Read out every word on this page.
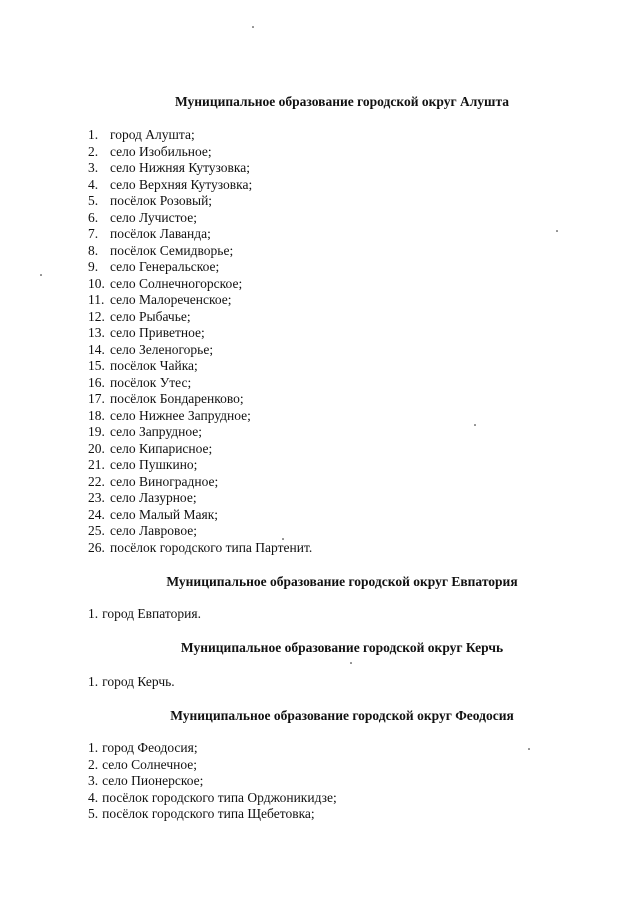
Муниципальное образование городской округ Алушта
1. город Алушта;
2. село Изобильное;
3. село Нижняя Кутузовка;
4. село Верхняя Кутузовка;
5. посёлок Розовый;
6. село Лучистое;
7. посёлок Лаванда;
8. посёлок Семидворье;
9. село Генеральское;
10. село Солнечногорское;
11. село Малореченское;
12. село Рыбачье;
13. село Приветное;
14. село Зеленогорье;
15. посёлок Чайка;
16. посёлок Утес;
17. посёлок Бондаренково;
18. село Нижнее Запрудное;
19. село Запрудное;
20. село Кипарисное;
21. село Пушкино;
22. село Виноградное;
23. село Лазурное;
24. село Малый Маяк;
25. село Лавровое;
26. посёлок городского типа Партенит.
Муниципальное образование городской округ Евпатория
1. город Евпатория.
Муниципальное образование городской округ Керчь
1. город Керчь.
Муниципальное образование городской округ Феодосия
1. город Феодосия;
2. село Солнечное;
3. село Пионерское;
4. посёлок городского типа Орджоникидзе;
5. посёлок городского типа Щебетовка;
